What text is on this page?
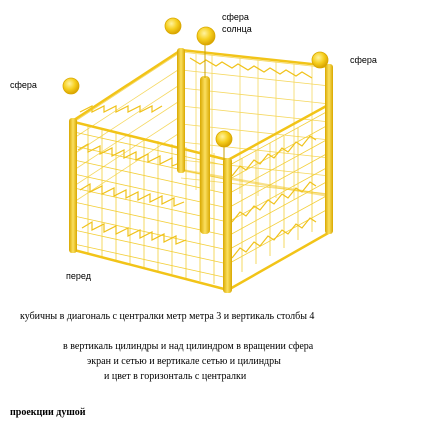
сфера
сфера
солнца
сфера
перед
кубичны в диагональ с централки метр метра 3 и вертикаль столбы 4
в вертикаль цилиндры и над цилиндром в вращении сфера
экран и сетью и вертикале сетью и цилиндры
и цвет в горизонталь с централки
проекции душой
